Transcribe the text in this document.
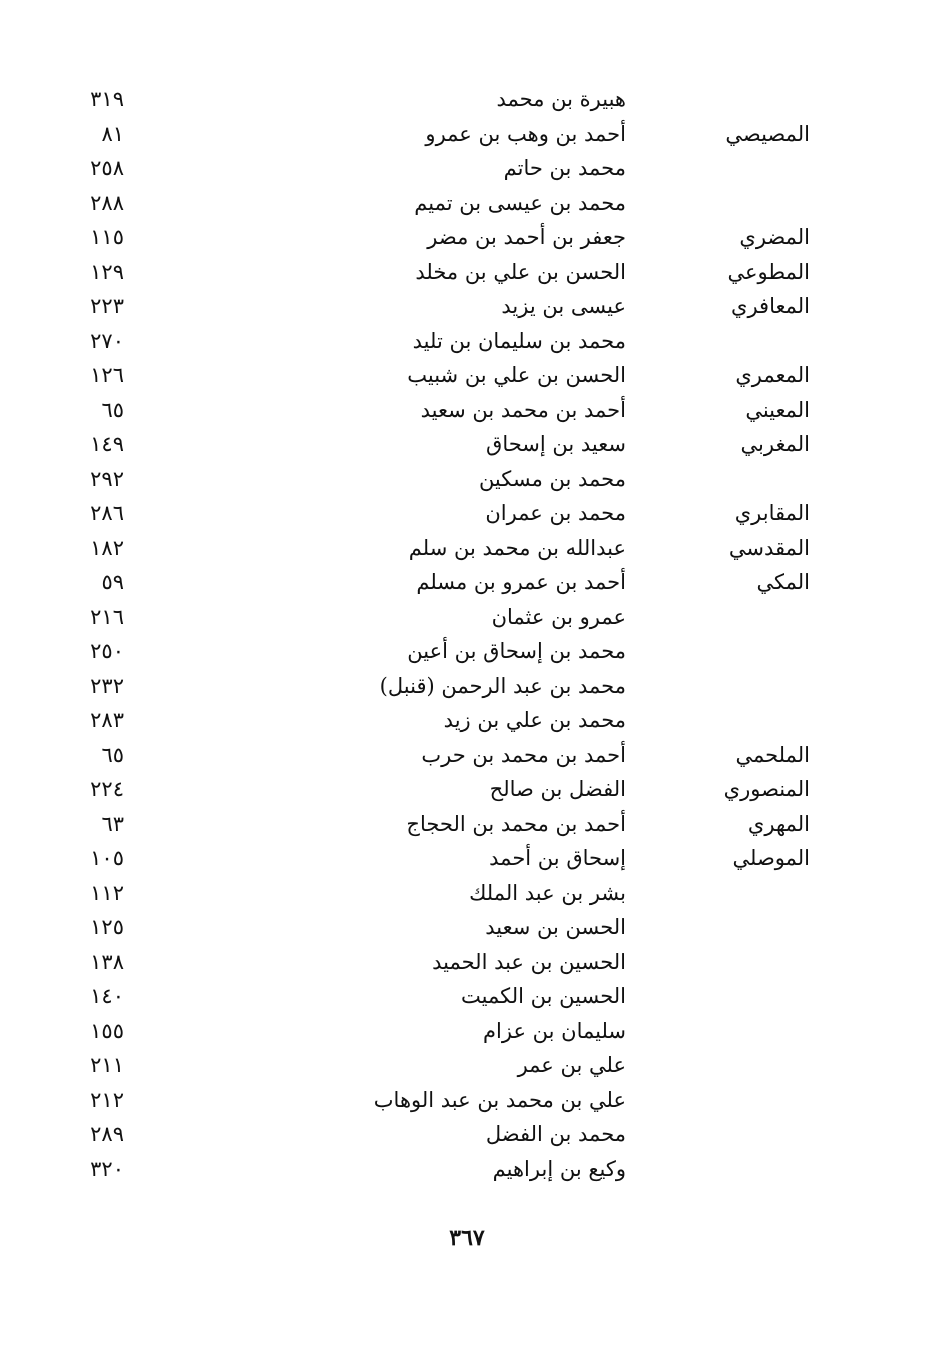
هبيرة بن محمد
٣١٩
المصيصي
أحمد بن وهب بن عمرو
٨١
محمد بن حاتم
٢٥٨
محمد بن عيسى بن تميم
٢٨٨
المضري
جعفر بن أحمد بن مضر
١١٥
المطوعي
الحسن بن علي بن مخلد
١٢٩
المعافري
عيسى بن يزيد
٢٢٣
محمد بن سليمان بن تليد
٢٧٠
المعمري
الحسن بن علي بن شبيب
١٢٦
المعيني
أحمد بن محمد بن سعيد
٦٥
المغربي
سعيد بن إسحاق
١٤٩
محمد بن مسكين
٢٩٢
المقابري
محمد بن عمران
٢٨٦
المقدسي
عبدالله بن محمد بن سلم
١٨٢
المكي
أحمد بن عمرو بن مسلم
٥٩
عمرو بن عثمان
٢١٦
محمد بن إسحاق بن أعين
٢٥٠
محمد بن عبد الرحمن (قنبل)
٢٣٢
محمد بن علي بن زيد
٢٨٣
الملحمي
أحمد بن محمد بن حرب
٦٥
المنصوري
الفضل بن صالح
٢٢٤
المهري
أحمد بن محمد بن الحجاج
٦٣
الموصلي
إسحاق بن أحمد
١٠٥
بشر بن عبد الملك
١١٢
الحسن بن سعيد
١٢٥
الحسين بن عبد الحميد
١٣٨
الحسين بن الكميت
١٤٠
سليمان بن عزام
١٥٥
علي بن عمر
٢١١
علي بن محمد بن عبد الوهاب
٢١٢
محمد بن الفضل
٢٨٩
وكيع بن إبراهيم
٣٢٠
٣٦٧
